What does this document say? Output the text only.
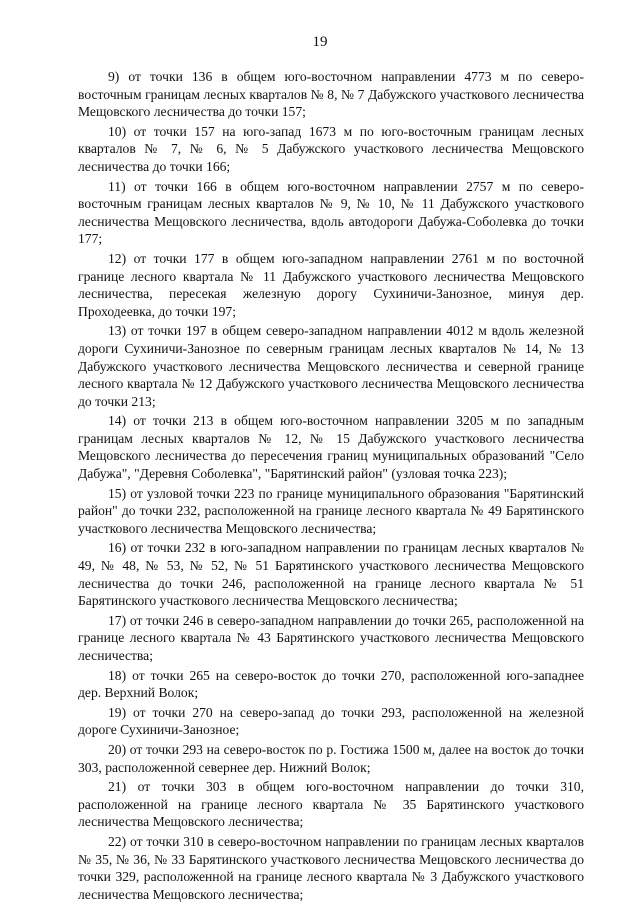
19

9) от точки 136 в общем юго-восточном направлении 4773 м по северо-восточным границам лесных кварталов № 8, № 7 Дабужского участкового лесничества Мещовского лесничества до точки 157;

10) от точки 157 на юго-запад 1673 м по юго-восточным границам лесных кварталов № 7, № 6, № 5 Дабужского участкового лесничества Мещовского лесничества до точки 166;

11) от точки 166 в общем юго-восточном направлении 2757 м по северо-восточным границам лесных кварталов № 9, № 10, № 11 Дабужского участкового лесничества Мещовского лесничества, вдоль автодороги Дабужа-Соболевка до точки 177;

12) от точки 177 в общем юго-западном направлении 2761 м по восточной границе лесного квартала № 11 Дабужского участкового лесничества Мещовского лесничества, пересекая железную дорогу Сухиничи-Занозное, минуя дер. Проходеевка, до точки 197;

13) от точки 197 в общем северо-западном направлении 4012 м вдоль железной дороги Сухиничи-Занозное по северным границам лесных кварталов № 14, № 13 Дабужского участкового лесничества Мещовского лесничества и северной границе лесного квартала № 12 Дабужского участкового лесничества Мещовского лесничества до точки 213;

14) от точки 213 в общем юго-восточном направлении 3205 м по западным границам лесных кварталов № 12, № 15 Дабужского участкового лесничества Мещовского лесничества до пересечения границ муниципальных образований "Село Дабужа", "Деревня Соболевка", "Барятинский район" (узловая точка 223);

15) от узловой точки 223 по границе муниципального образования "Барятинский район" до точки 232, расположенной на границе лесного квартала № 49 Барятинского участкового лесничества Мещовского лесничества;

16) от точки 232 в юго-западном направлении по границам лесных кварталов № 49, № 48, № 53, № 52, № 51 Барятинского участкового лесничества Мещовского лесничества до точки 246, расположенной на границе лесного квартала № 51 Барятинского участкового лесничества Мещовского лесничества;

17) от точки 246 в северо-западном направлении до точки 265, расположенной на границе лесного квартала № 43 Барятинского участкового лесничества Мещовского лесничества;

18) от точки 265 на северо-восток до точки 270, расположенной юго-западнее дер. Верхний Волок;

19) от точки 270 на северо-запад до точки 293, расположенной на железной дороге Сухиничи-Занозное;

20) от точки 293 на северо-восток по р. Гостижа 1500 м, далее на восток до точки 303, расположенной севернее дер. Нижний Волок;

21) от точки 303 в общем юго-восточном направлении до точки 310, расположенной на границе лесного квартала № 35 Барятинского участкового лесничества Мещовского лесничества;

22) от точки 310 в северо-восточном направлении по границам лесных кварталов № 35, № 36, № 33 Барятинского участкового лесничества Мещовского лесничества до точки 329, расположенной на границе лесного квартала № 3 Дабужского участкового лесничества Мещовского лесничества;
